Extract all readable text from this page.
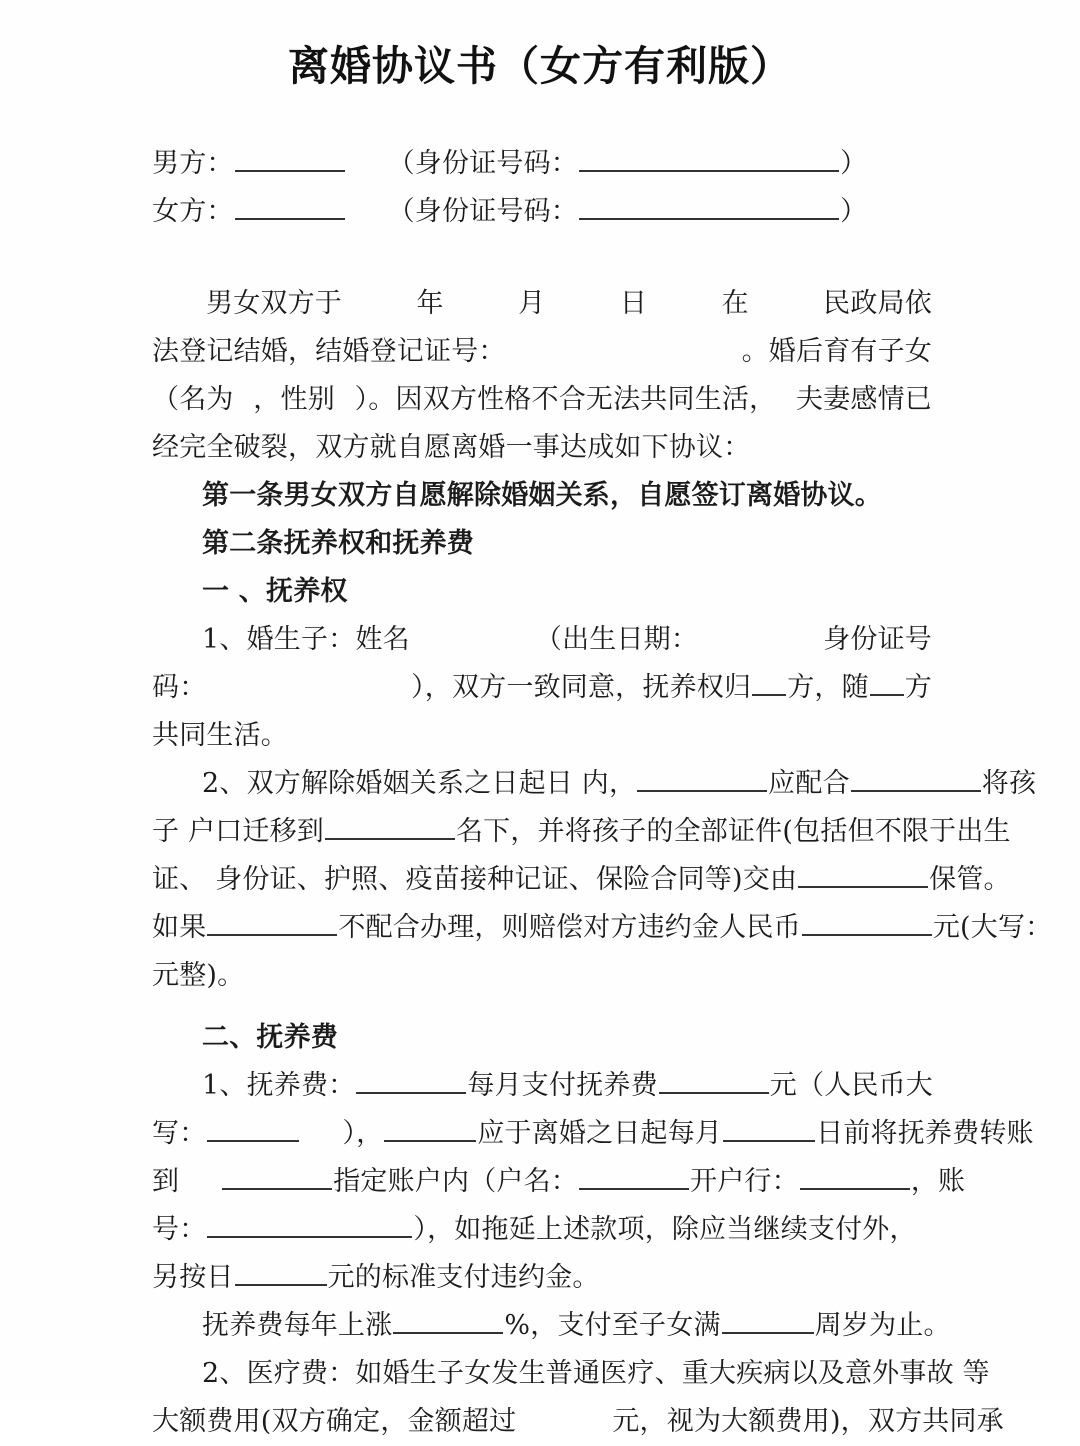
离婚协议书（女方有利版）
男方：	（身份证号码：	）
女方：	（身份证号码：	）
男女双方于	年	月	日	在	民政局依
法登记结婚，结婚登记证号：	。婚后育有子女
（名为 ，性别 ）。因双方性格不合无法共同生活， 夫妻感情已
经完全破裂，双方就自愿离婚一事达成如下协议：
第一条男女双方自愿解除婚姻关系，自愿签订离婚协议。
第二条抚养权和抚养费
一 、抚养权
1、婚生子：姓名	（出生日期：	身份证号
码：	），双方一致同意，抚养权归 方，随 方
共同生活。
2、双方解除婚姻关系之日起日 内，	应配合	将孩
子 户口迁移到	名下，并将孩子的全部证件(包括但不限于出生
证、 身份证、护照、疫苗接种记证、保险合同等)交由	保管。
如果	不配合办理，则赔偿对方违约金人民币	元(大写：
元整)。
二、抚养费
1、抚养费：	每月支付抚养费	元（人民币大
写：	），	应于离婚之日起每月	日前将抚养费转账
到	指定账户内（户名：	开户行：	，账
号：	），如拖延上述款项，除应当继续支付外，
另按日	元的标准支付违约金。
抚养费每年上涨	%，支付至子女满	周岁为止。
2、医疗费：如婚生子女发生普通医疗、重大疾病以及意外事故 等
大额费用(双方确定，金额超过	元，视为大额费用)，双方共同承
